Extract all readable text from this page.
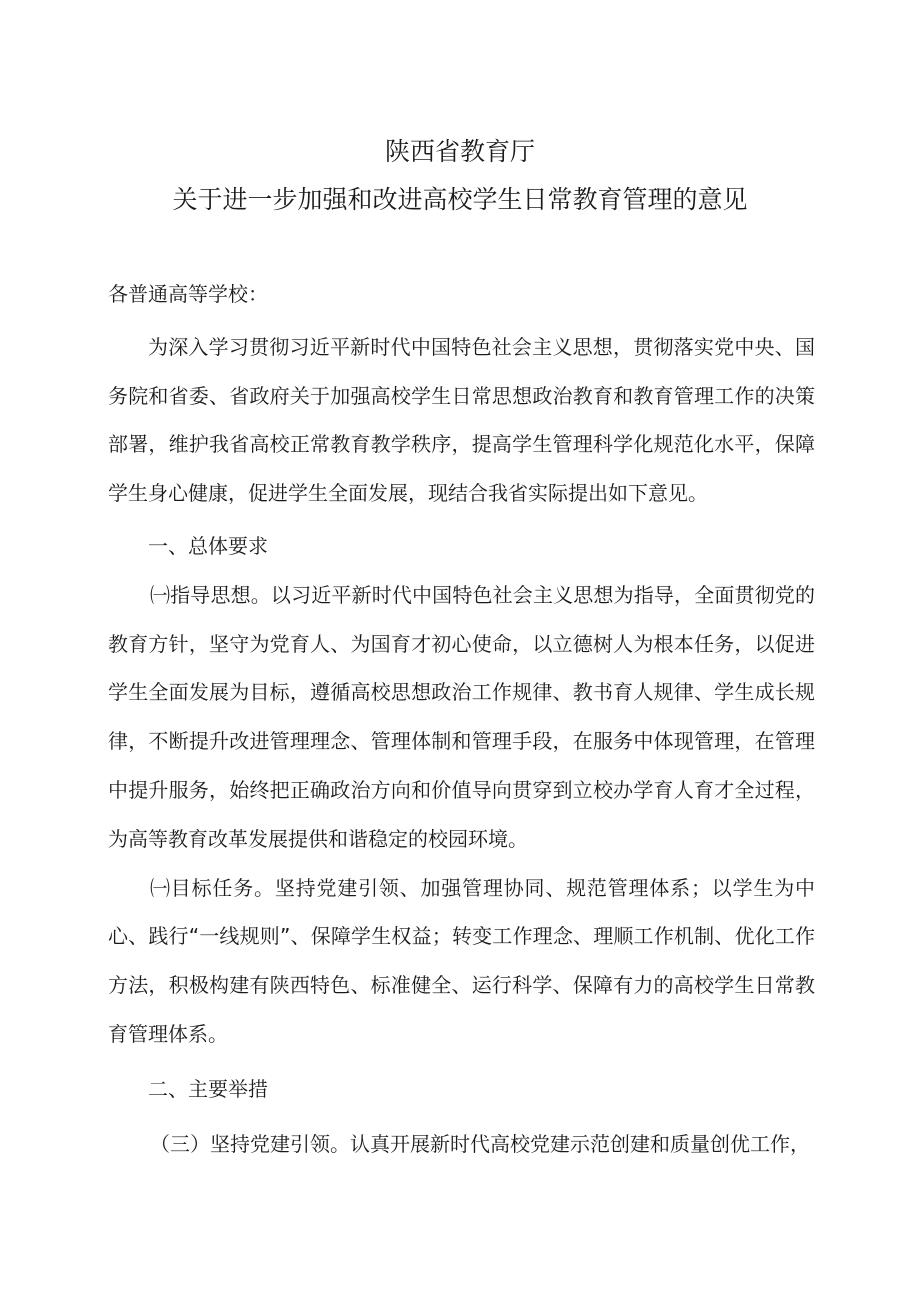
陕西省教育厅
关于进一步加强和改进高校学生日常教育管理的意见

各普通高等学校：

为深入学习贯彻习近平新时代中国特色社会主义思想，贯彻落实党中央、国务院和省委、省政府关于加强高校学生日常思想政治教育和教育管理工作的决策部署，维护我省高校正常教育教学秩序，提高学生管理科学化规范化水平，保障学生身心健康，促进学生全面发展，现结合我省实际提出如下意见。

一、总体要求

㈠指导思想。以习近平新时代中国特色社会主义思想为指导，全面贯彻党的教育方针，坚守为党育人、为国育才初心使命，以立德树人为根本任务，以促进学生全面发展为目标，遵循高校思想政治工作规律、教书育人规律、学生成长规律，不断提升改进管理理念、管理体制和管理手段，在服务中体现管理，在管理中提升服务，始终把正确政治方向和价值导向贯穿到立校办学育人育才全过程，为高等教育改革发展提供和谐稳定的校园环境。

㈠目标任务。坚持党建引领、加强管理协同、规范管理体系；以学生为中心、践行“一线规则”、保障学生权益；转变工作理念、理顺工作机制、优化工作方法，积极构建有陕西特色、标准健全、运行科学、保障有力的高校学生日常教育管理体系。

二、主要举措

（三）坚持党建引领。认真开展新时代高校党建示范创建和质量创优工作，
